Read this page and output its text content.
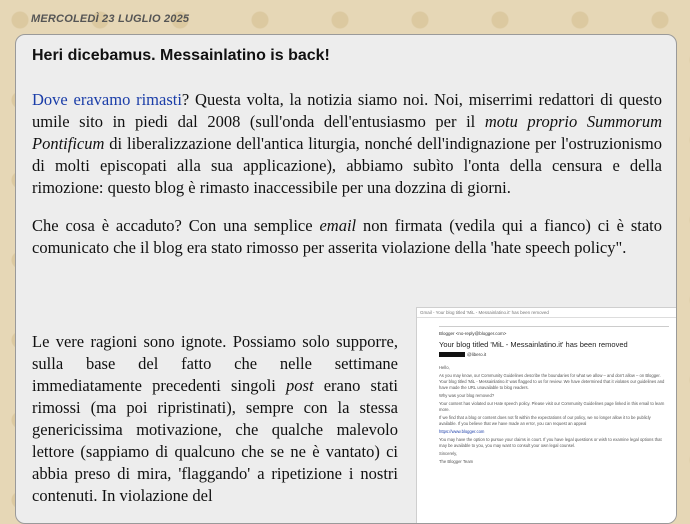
MERCOLEDÌ 23 LUGLIO 2025
Heri dicebamus. Messainlatino is back!

Dove eravamo rimasti? Questa volta, la notizia siamo noi. Noi, miserrimi redattori di questo umile sito in piedi dal 2008 (sull'onda dell'entusiasmo per il motu proprio Summorum Pontificum di liberalizzazione dell'antica liturgia, nonché dell'indignazione per l'ostruzionismo di molti episcopati alla sua applicazione), abbiamo subìto l'onta della censura e della rimozione: questo blog è rimasto inaccessibile per una dozzina di giorni.

Che cosa è accaduto? Con una semplice email non firmata (vedila qui a fianco) ci è stato comunicato che il blog era stato rimosso per asserita violazione della 'hate speech policy".

Le vere ragioni sono ignote. Possiamo solo supporre, sulla base del fatto che nelle settimane immediatamente precedenti singoli post erano stati rimossi (ma poi ripristinati), sempre con la stessa genericissima motivazione, che qualche malevolo lettore (sappiamo di qualcuno che se ne è vantato) ci abbia preso di mira, 'flaggando' a ripetizione i nostri contenuti. In violazione del
Gmail - Your blog titled 'MiL - Messainlatino.it' has been removed
Blogger <no-reply@blogger.com>
Your blog titled 'MiL - Messainlatino.it' has been removed
@libero.it

Hello,

As you may know, our Community Guidelines describe the boundaries for what we allow – and don't allow – on Blogger. Your blog titled 'MiL - Messainlatino.it' was flagged to us for review. We have determined that it violates our guidelines and have made the URL unavailable to blog readers.

Why was your blog removed?

Your content has violated our Hate speech policy. Please visit our Community Guidelines page linked in this email to learn more.

If we find that a blog or content does not fit within the expectations of our policy, we no longer allow it to be publicly available. If you believe that we have made an error, you can request an appeal

https://www.blogger.com

You may have the option to pursue your claims in court. If you have legal questions or wish to examine legal options that may be available to you, you may want to consult your own legal counsel.

Sincerely,

The Blogger Team
